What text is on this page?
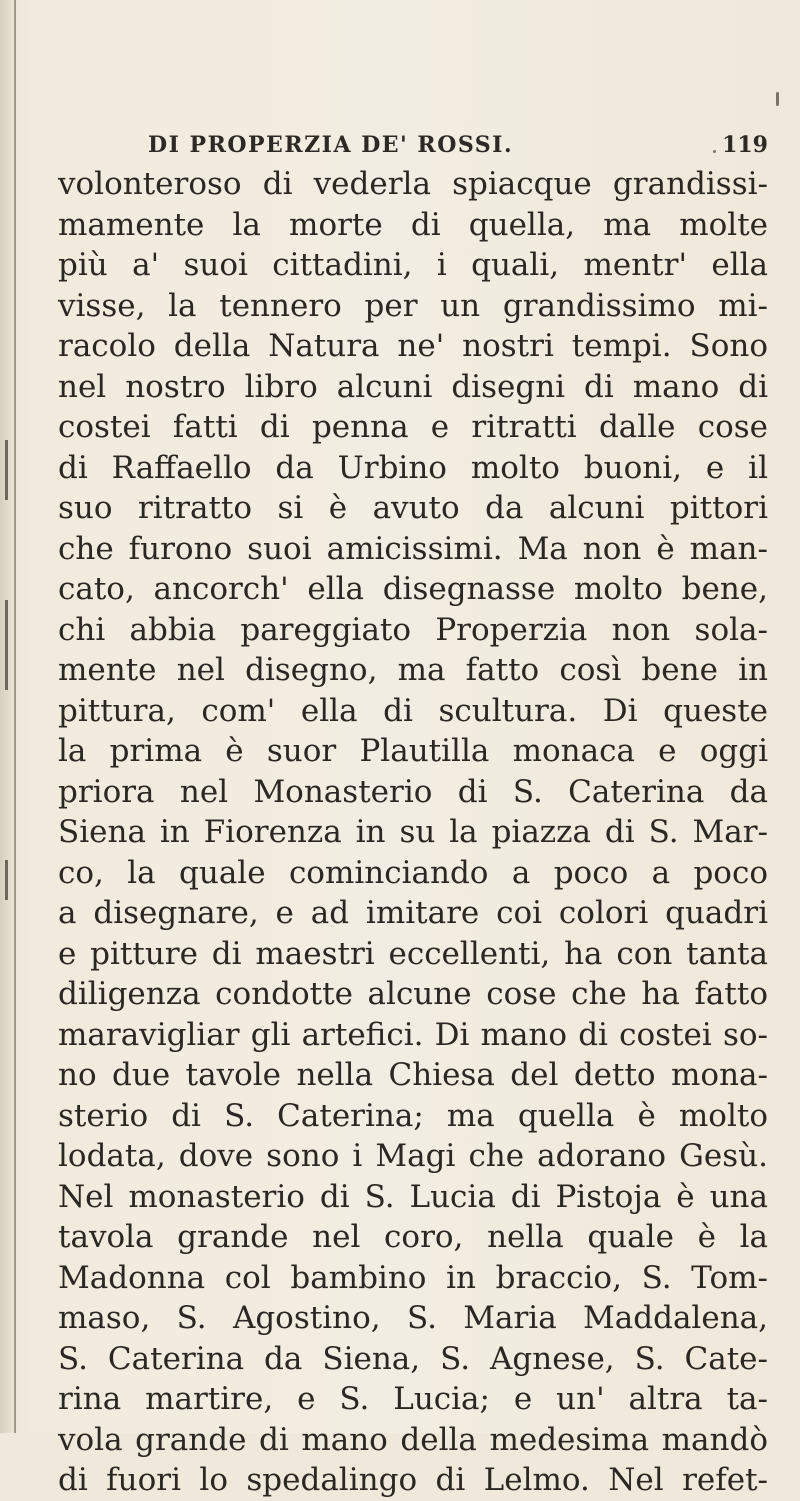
DI PROPERZIA DE' ROSSI.	119
volonteroso di vederla spiacque grandissi-
mamente la morte di quella, ma molte
più a' suoi cittadini, i quali, mentr' ella
visse, la tennero per un grandissimo mi-
racolo della Natura ne' nostri tempi. Sono
nel nostro libro alcuni disegni di mano di
costei fatti di penna e ritratti dalle cose
di Raffaello da Urbino molto buoni, e il
suo ritratto si è avuto da alcuni pittori
che furono suoi amicissimi. Ma non è man-
cato, ancorch' ella disegnasse molto bene,
chi abbia pareggiato Properzia non sola-
mente nel disegno, ma fatto così bene in
pittura, com' ella di scultura. Di queste
la prima è suor Plautilla monaca e oggi
priora nel Monasterio di S. Caterina da
Siena in Fiorenza in su la piazza di S. Mar-
co, la quale cominciando a poco a poco
a disegnare, e ad imitare coi colori quadri
e pitture di maestri eccellenti, ha con tanta
diligenza condotte alcune cose che ha fatto
maravigliar gli artefici. Di mano di costei so-
no due tavole nella Chiesa del detto mona-
sterio di S. Caterina; ma quella è molto
lodata, dove sono i Magi che adorano Gesù.
Nel monasterio di S. Lucia di Pistoja è una
tavola grande nel coro, nella quale è la
Madonna col bambino in braccio, S. Tom-
maso, S. Agostino, S. Maria Maddalena,
S. Caterina da Siena, S. Agnese, S. Cate-
rina martire, e S. Lucia; e un' altra ta-
vola grande di mano della medesima mandò
di fuori lo spedalingo di Lelmo. Nel refet-
